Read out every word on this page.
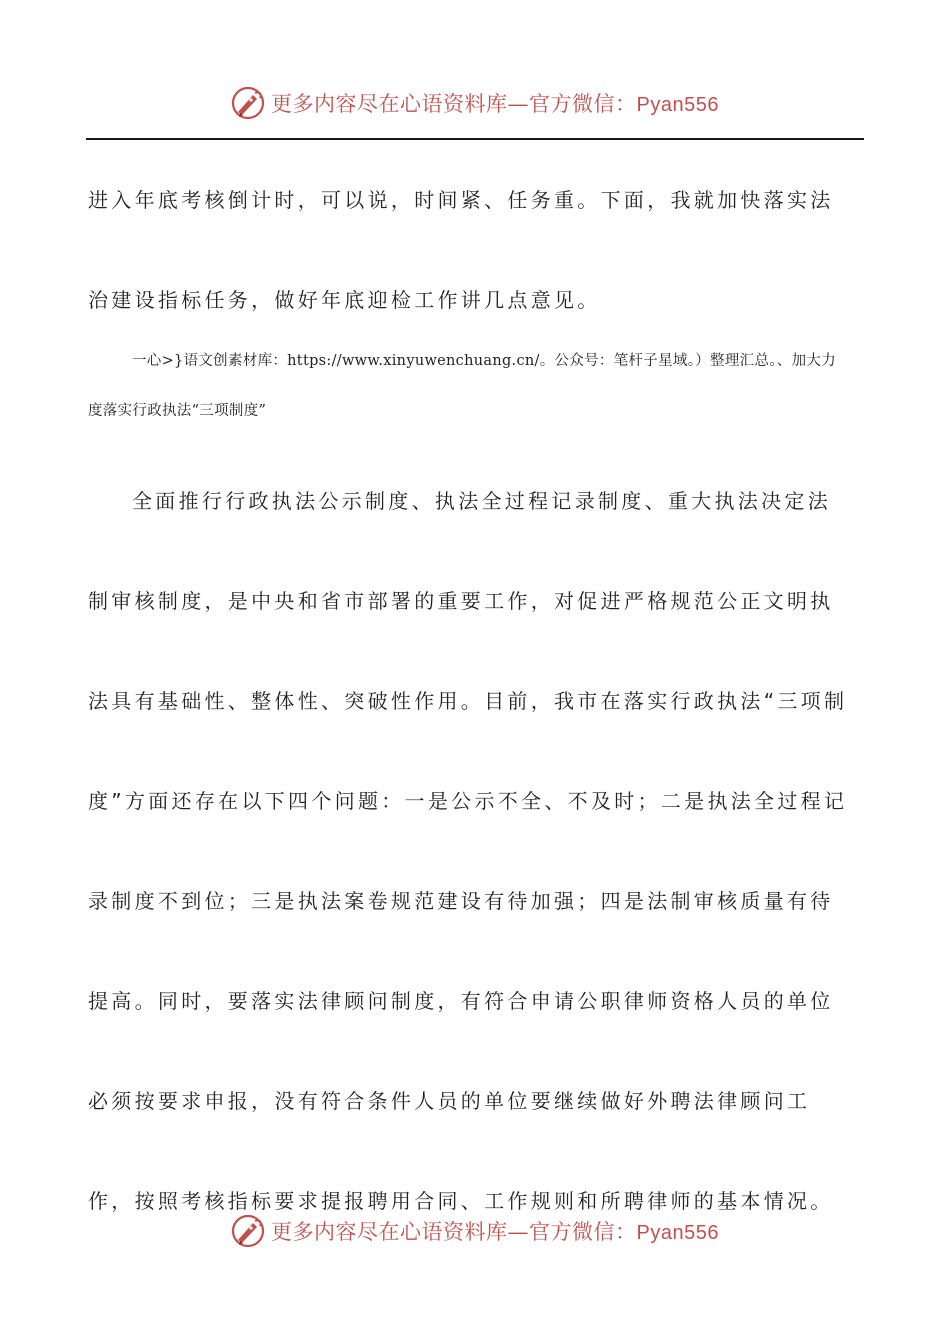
更多内容尽在心语资料库—官方微信：Pyan556

进入年底考核倒计时，可以说，时间紧、任务重。下面，我就加快落实法治建设指标任务，做好年底迎检工作讲几点意见。

一心>}语文创素材库：https://www.xinyuwenchuang.cn/。公众号：笔杆子星域。）整理汇总。、加大力度落实行政执法“三项制度”

全面推行行政执法公示制度、执法全过程记录制度、重大执法决定法制审核制度，是中央和省市部署的重要工作，对促进严格规范公正文明执法具有基础性、整体性、突破性作用。目前，我市在落实行政执法“三项制度”方面还存在以下四个问题：一是公示不全、不及时；二是执法全过程记录制度不到位；三是执法案卷规范建设有待加强；四是法制审核质量有待提高。同时，要落实法律顾问制度，有符合申请公职律师资格人员的单位必须按要求申报，没有符合条件人员的单位要继续做好外聘法律顾问工作，按照考核指标要求提报聘用合同、工作规则和所聘律师的基本情况。

更多内容尽在心语资料库—官方微信：Pyan556
